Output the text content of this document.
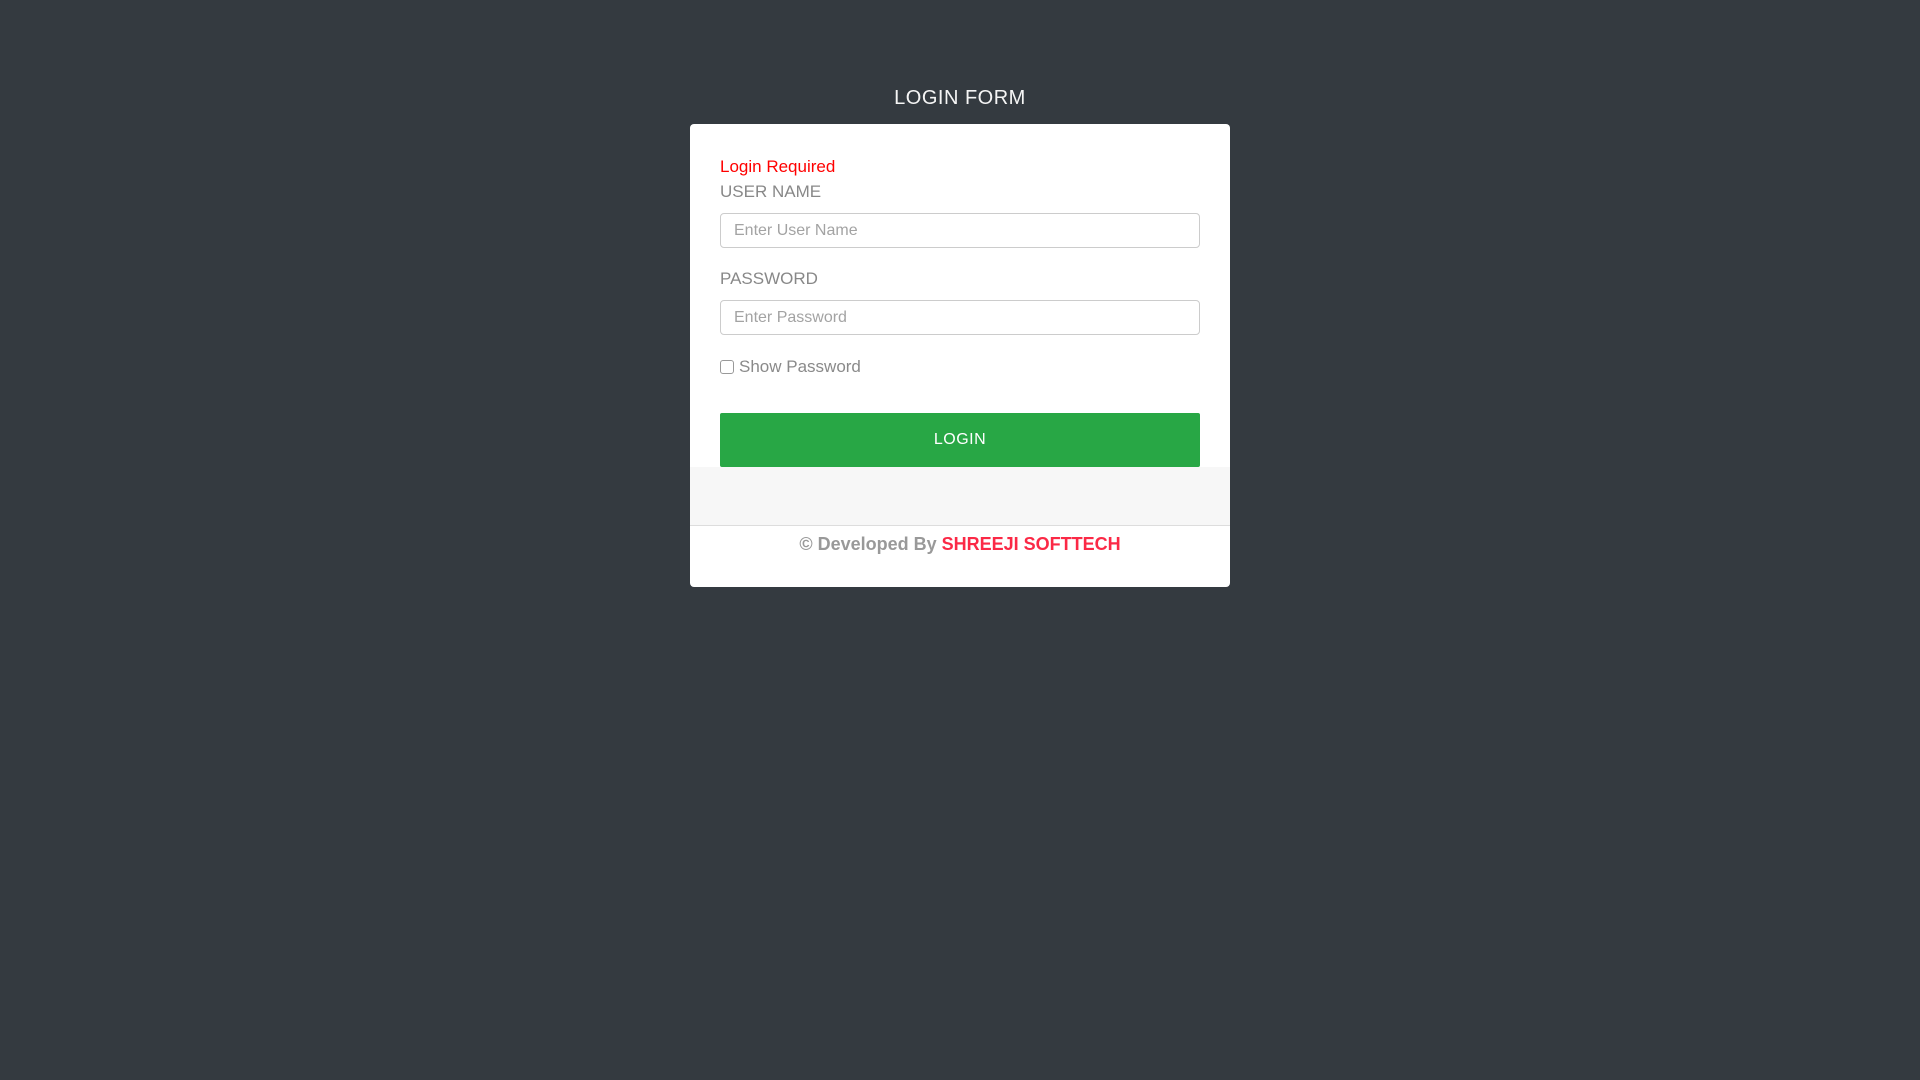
LOGIN FORM
Login Required
USER NAME
Enter User Name
PASSWORD
Enter Password
Show Password
LOGIN
© Developed By SHREEJI SOFTTECH
